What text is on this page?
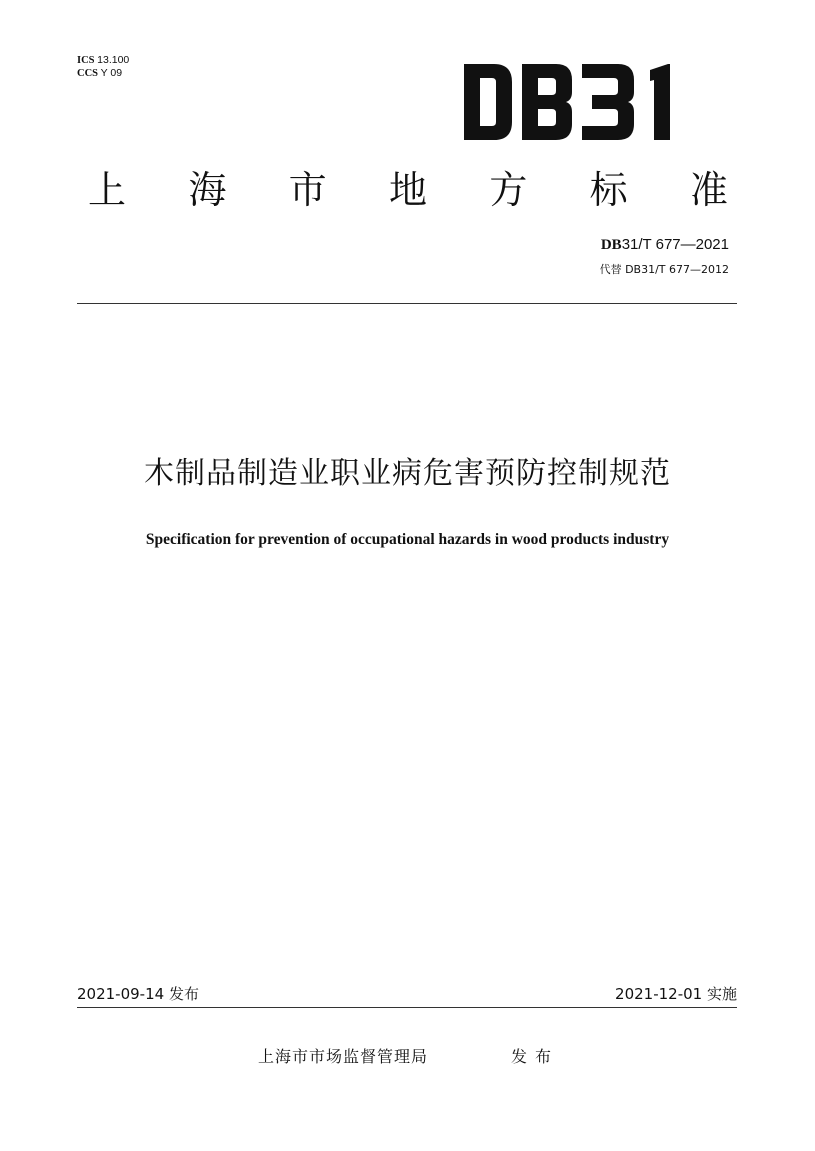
ICS 13.100
CCS Y 09
上 海 市 地 方 标 准
DB31/T 677—2021
代替 DB31/T 677—2012
木制品制造业职业病危害预防控制规范
Specification for prevention of occupational hazards in wood products industry
2021-09-14 发布	2021-12-01 实施
上海市市场监督管理局	发布
